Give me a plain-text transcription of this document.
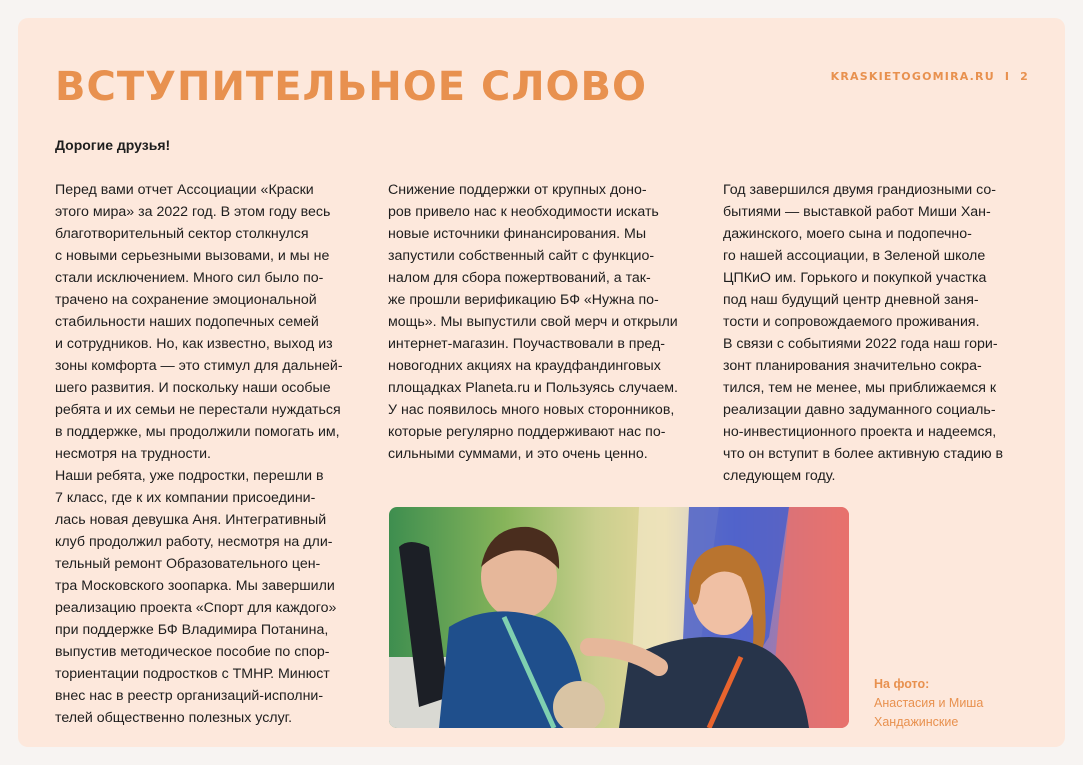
ВСТУПИТЕЛЬНОЕ СЛОВО	KRASKIETOGOMIRA.RU I 2

Дорогие друзья!

Перед вами отчет Ассоциации «Краски

этого мира» за 2022 год. В этом году весь

благотворительный сектор столкнулся

с новыми серьезными вызовами, и мы не

стали исключением. Много сил было по-

трачено на сохранение эмоциональной

стабильности наших подопечных семей

и сотрудников. Но, как известно, выход из

зоны комфорта — это стимул для дальней-

шего развития. И поскольку наши особые

ребята и их семьи не перестали нуждаться

в поддержке, мы продолжили помогать им,

несмотря на трудности.

Наши ребята, уже подростки, перешли в

7 класс, где к их компании присоедини-

лась новая девушка Аня. Интегративный

клуб продолжил работу, несмотря на дли-

тельный ремонт Образовательного цен-

тра Московского зоопарка. Мы завершили

реализацию проекта «Спорт для каждого»

при поддержке БФ Владимира Потанина,

выпустив методическое пособие по спор-

ториентации подростков с ТМНР. Минюст

внес нас в реестр организаций-исполни-

телей общественно полезных услуг.

Снижение поддержки от крупных доно-

ров привело нас к необходимости искать

новые источники финансирования. Мы

запустили собственный сайт с функцио-

налом для сбора пожертвований, а так-

же прошли верификацию БФ «Нужна по-

мощь». Мы выпустили свой мерч и открыли

интернет-магазин. Поучаствовали в пред-

новогодних акциях на краудфандинговых

площадках Planeta.ru и Пользуясь случаем.

У нас появилось много новых сторонников,

которые регулярно поддерживают нас по-

сильными суммами, и это очень ценно.

Год завершился двумя грандиозными со-

бытиями — выставкой работ Миши Хан-

дажинского, моего сына и подопечно-

го нашей ассоциации, в Зеленой школе

ЦПКиО им. Горького и покупкой участка

под наш будущий центр дневной заня-

тости и сопровождаемого проживания.

В связи с событиями 2022 года наш гори-

зонт планирования значительно сокра-

тился, тем не менее, мы приближаемся к

реализации давно задуманного социаль-

но-инвестиционного проекта и надеемся,

что он вступит в более активную стадию в

следующем году.

На фото:

Анастасия и Миша
Хандажинские
